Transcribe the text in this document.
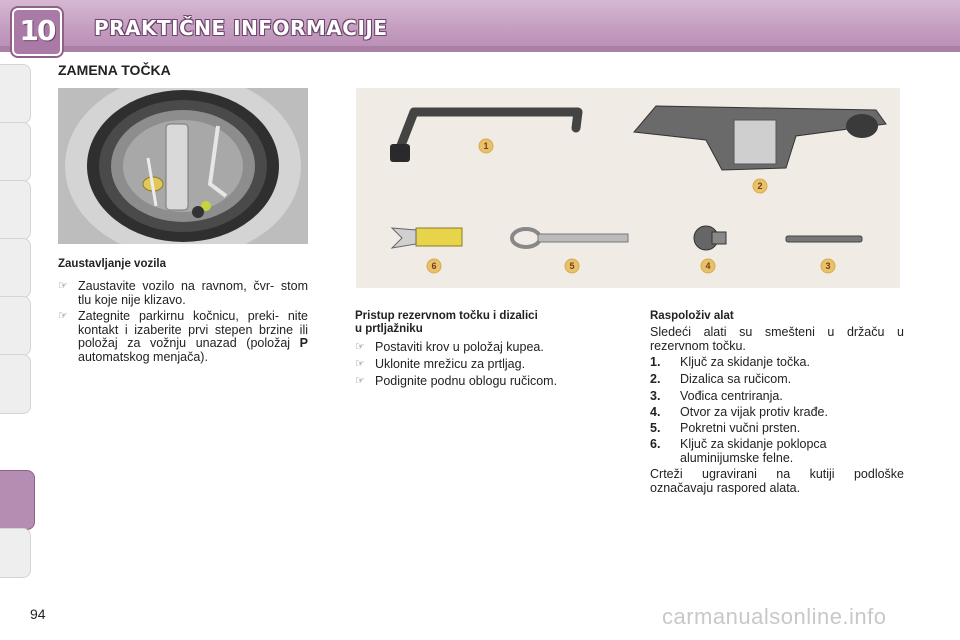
10 PRAKTIČNE INFORMACIJE
ZAMENA TOČKA
1
2
3
4
5
6
Zaustavljanje vozila
☞ Zaustavite vozilo na ravnom, čvr- stom tlu koje nije klizavo.
☞ Zategnite parkirnu kočnicu, preki- nite kontakt i izaberite prvi stepen brzine ili položaj za vožnju unazad (položaj P automatskog menjača).
Pristup rezervnom točku i dizalici
u prtljažniku
☞ Postaviti krov u položaj kupea.
☞ Uklonite mrežicu za prtljag.
☞ Podignite podnu oblogu ručicom.
Raspoloživ alat
Sledeći alati su smešteni u držaču u rezervnom točku.
1. Ključ za skidanje točka.
2. Dizalica sa ručicom.
3. Vođica centriranja.
4. Otvor za vijak protiv krađe.
5. Pokretni vučni prsten.
6. Ključ za skidanje poklopca aluminijumske felne.
Crteži ugravirani na kutiji podloške označavaju raspored alata.
94	carmanualsonline.info
